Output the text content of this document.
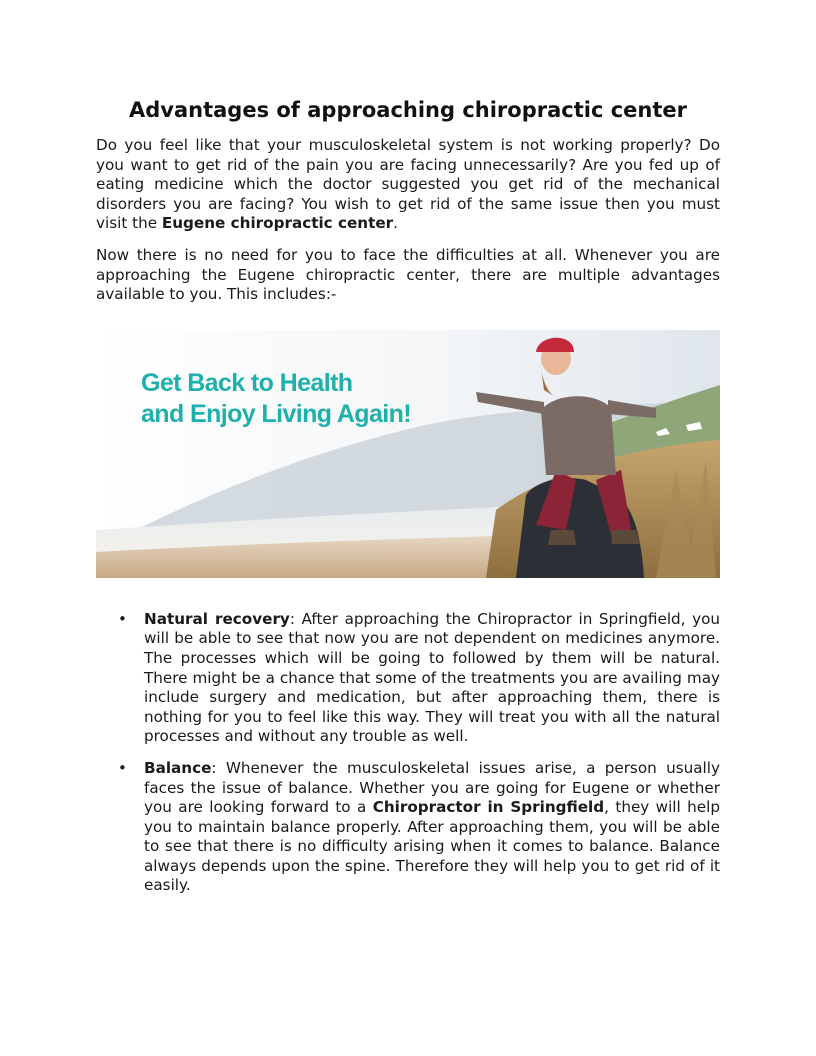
Advantages of approaching chiropractic center

Do you feel like that your musculoskeletal system is not working properly? Do you want to get rid of the pain you are facing unnecessarily? Are you fed up of eating medicine which the doctor suggested you get rid of the mechanical disorders you are facing? You wish to get rid of the same issue then you must visit the Eugene chiropractic center.

Now there is no need for you to face the difficulties at all. Whenever you are approaching the Eugene chiropractic center, there are multiple advantages available to you. This includes:-

Get Back to Health
and Enjoy Living Again!
• Natural recovery: After approaching the Chiropractor in Springfield, you will be able to see that now you are not dependent on medicines anymore. The processes which will be going to followed by them will be natural. There might be a chance that some of the treatments you are availing may include surgery and medication, but after approaching them, there is nothing for you to feel like this way. They will treat you with all the natural processes and without any trouble as well.
• Balance: Whenever the musculoskeletal issues arise, a person usually faces the issue of balance. Whether you are going for Eugene or whether you are looking forward to a Chiropractor in Springfield, they will help you to maintain balance properly. After approaching them, you will be able to see that there is no difficulty arising when it comes to balance. Balance always depends upon the spine. Therefore they will help you to get rid of it easily.
